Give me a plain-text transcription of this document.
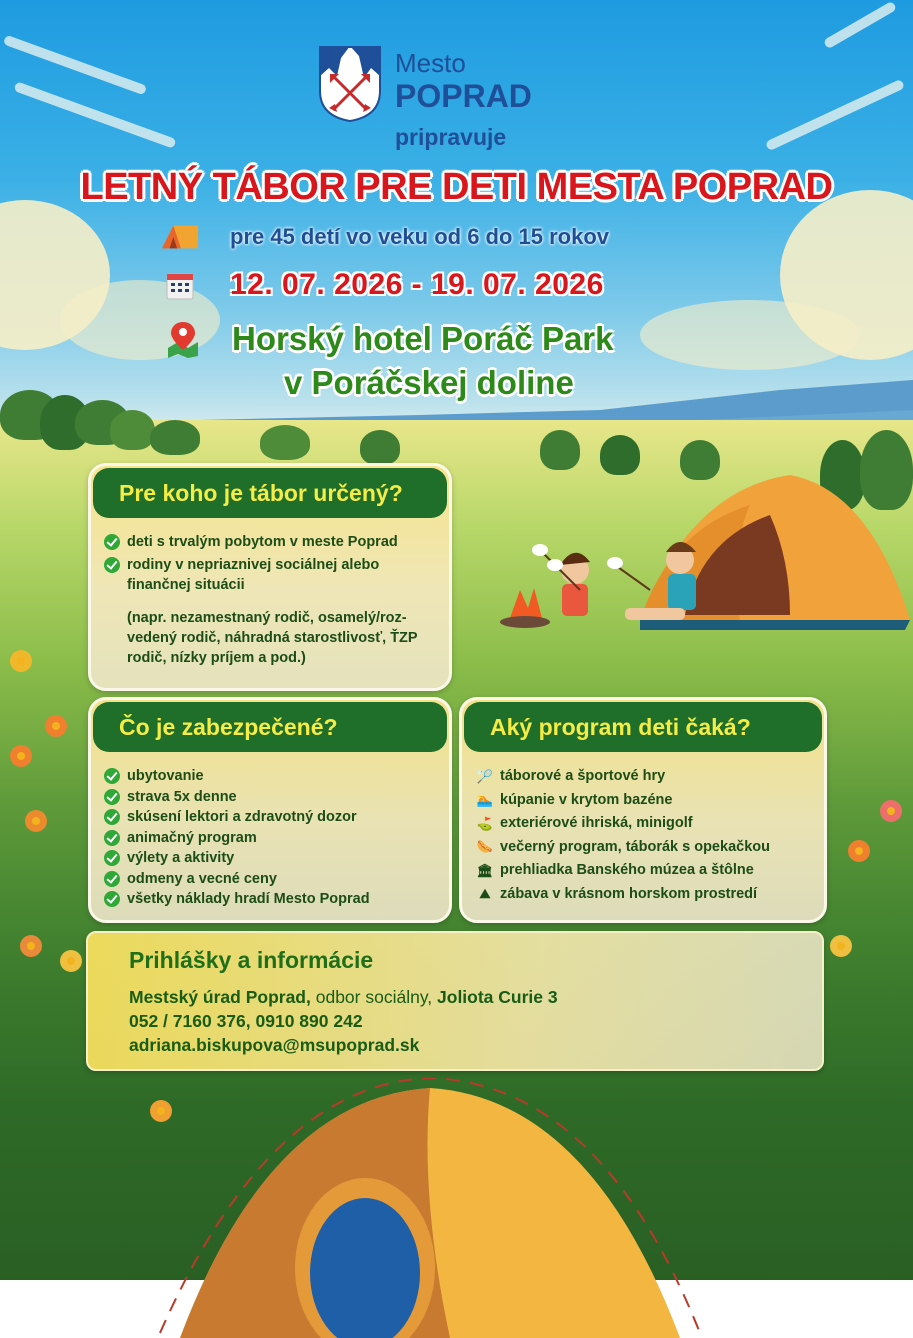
Mesto
POPRAD
pripravuje
LETNÝ TÁBOR PRE DETI MESTA POPRAD
pre 45 detí vo veku od 6 do 15 rokov
12. 07. 2026 - 19. 07. 2026
Horský hotel Poráč Park
v Poráčskej doline
Pre koho je tábor určený?
deti s trvalým pobytom v meste Poprad
rodiny v nepriaznivej sociálnej alebo finančnej situácii
(napr. nezamestnaný rodič, osamelý/roz-vedený rodič, náhradná starostlivosť, ŤZP rodič, nízky príjem a pod.)
Čo je zabezpečené?
ubytovanie
strava 5x denne
skúsení lektori a zdravotný dozor
animačný program
výlety a aktivity
odmeny a vecné ceny
všetky náklady hradí Mesto Poprad
Aký program deti čaká?
🏸 táborové a športové hry
🏊 kúpanie v krytom bazéne
⛳ exteriérové ihriská, minigolf
🌭 večerný program, táborák s opekačkou
🏛 prehliadka Banského múzea a štôlne
⛰ zábava v krásnom horskom prostredí
Prihlášky a informácie
Mestský úrad Poprad, odbor sociálny, Joliota Curie 3
052 / 7160 376, 0910 890 242
adriana.biskupova@msupoprad.sk
